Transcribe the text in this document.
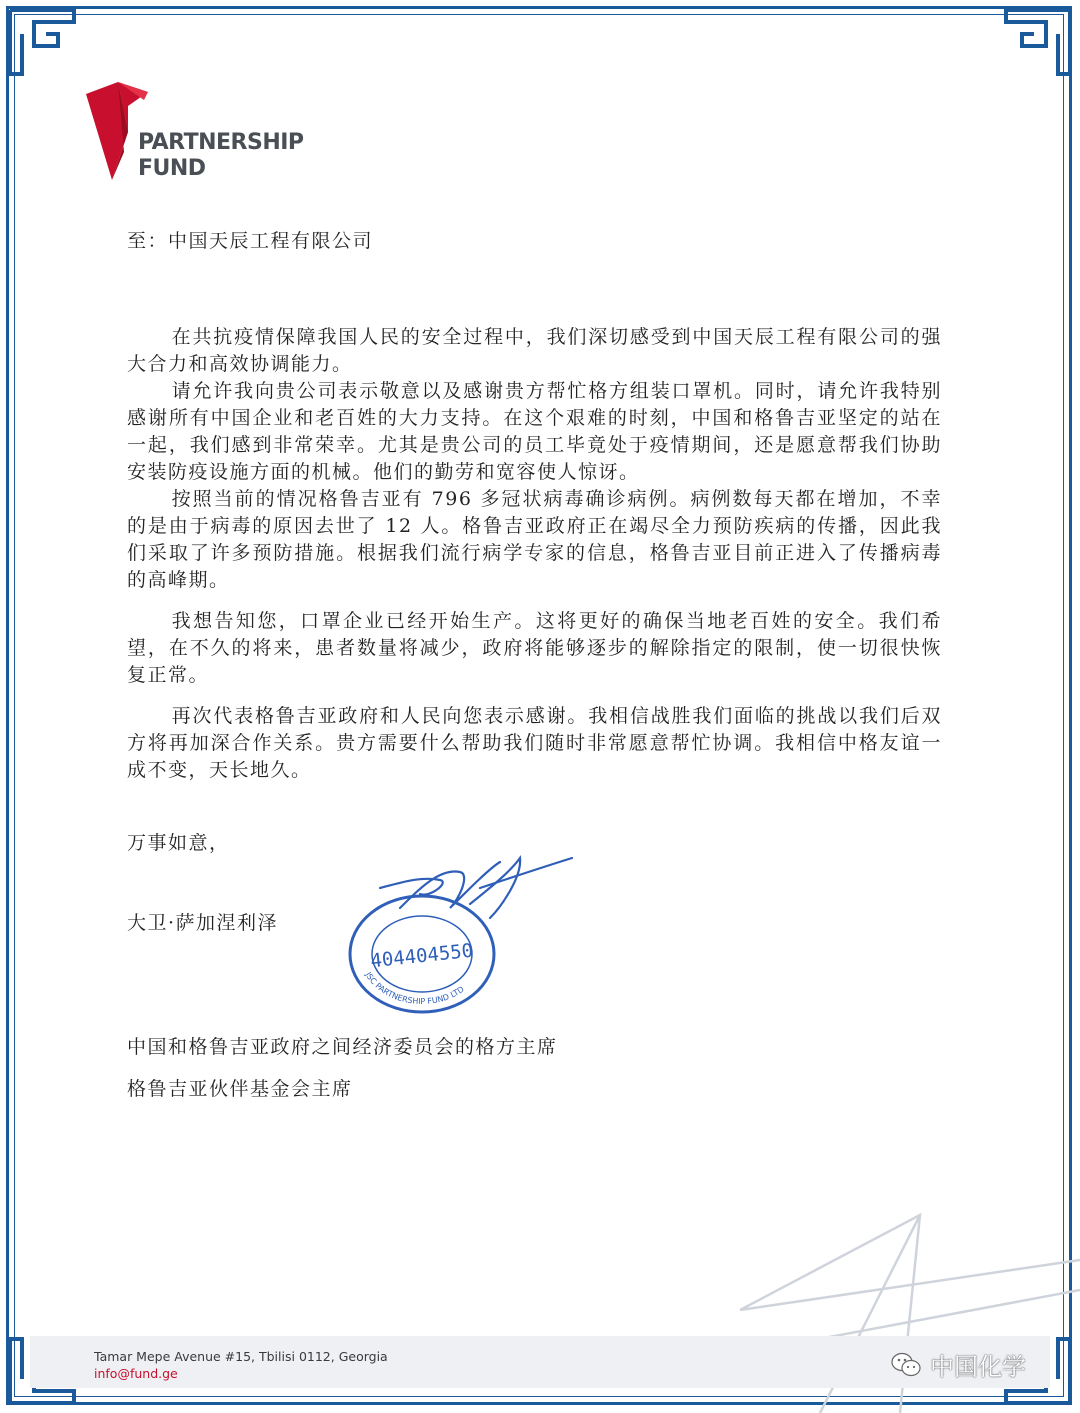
PARTNERSHIP
FUND

至：中国天辰工程有限公司

在共抗疫情保障我国人民的安全过程中，我们深切感受到中国天辰工程有限公司的强大合力和高效协调能力。

请允许我向贵公司表示敬意以及感谢贵方帮忙格方组装口罩机。同时，请允许我特别感谢所有中国企业和老百姓的大力支持。在这个艰难的时刻，中国和格鲁吉亚坚定的站在一起，我们感到非常荣幸。尤其是贵公司的员工毕竟处于疫情期间，还是愿意帮我们协助安装防疫设施方面的机械。他们的勤劳和宽容使人惊讶。

按照当前的情况格鲁吉亚有 796 多冠状病毒确诊病例。病例数每天都在增加，不幸的是由于病毒的原因去世了 12 人。格鲁吉亚政府正在竭尽全力预防疾病的传播，因此我们采取了许多预防措施。根据我们流行病学专家的信息，格鲁吉亚目前正进入了传播病毒的高峰期。

我想告知您，口罩企业已经开始生产。这将更好的确保当地老百姓的安全。我们希望，在不久的将来，患者数量将减少，政府将能够逐步的解除指定的限制，使一切很快恢复正常。

再次代表格鲁吉亚政府和人民向您表示感谢。我相信战胜我们面临的挑战以我们后双方将再加深合作关系。贵方需要什么帮助我们随时非常愿意帮忙协调。我相信中格友谊一成不变，天长地久。

万事如意，

大卫·萨加涅利泽

中国和格鲁吉亚政府之间经济委员会的格方主席

格鲁吉亚伙伴基金会主席

404404550
JSC PARTNERSHIP FUND LTD
Tamar Mepe Avenue #15, Tbilisi 0112, Georgia
info@fund.ge	中国化学
